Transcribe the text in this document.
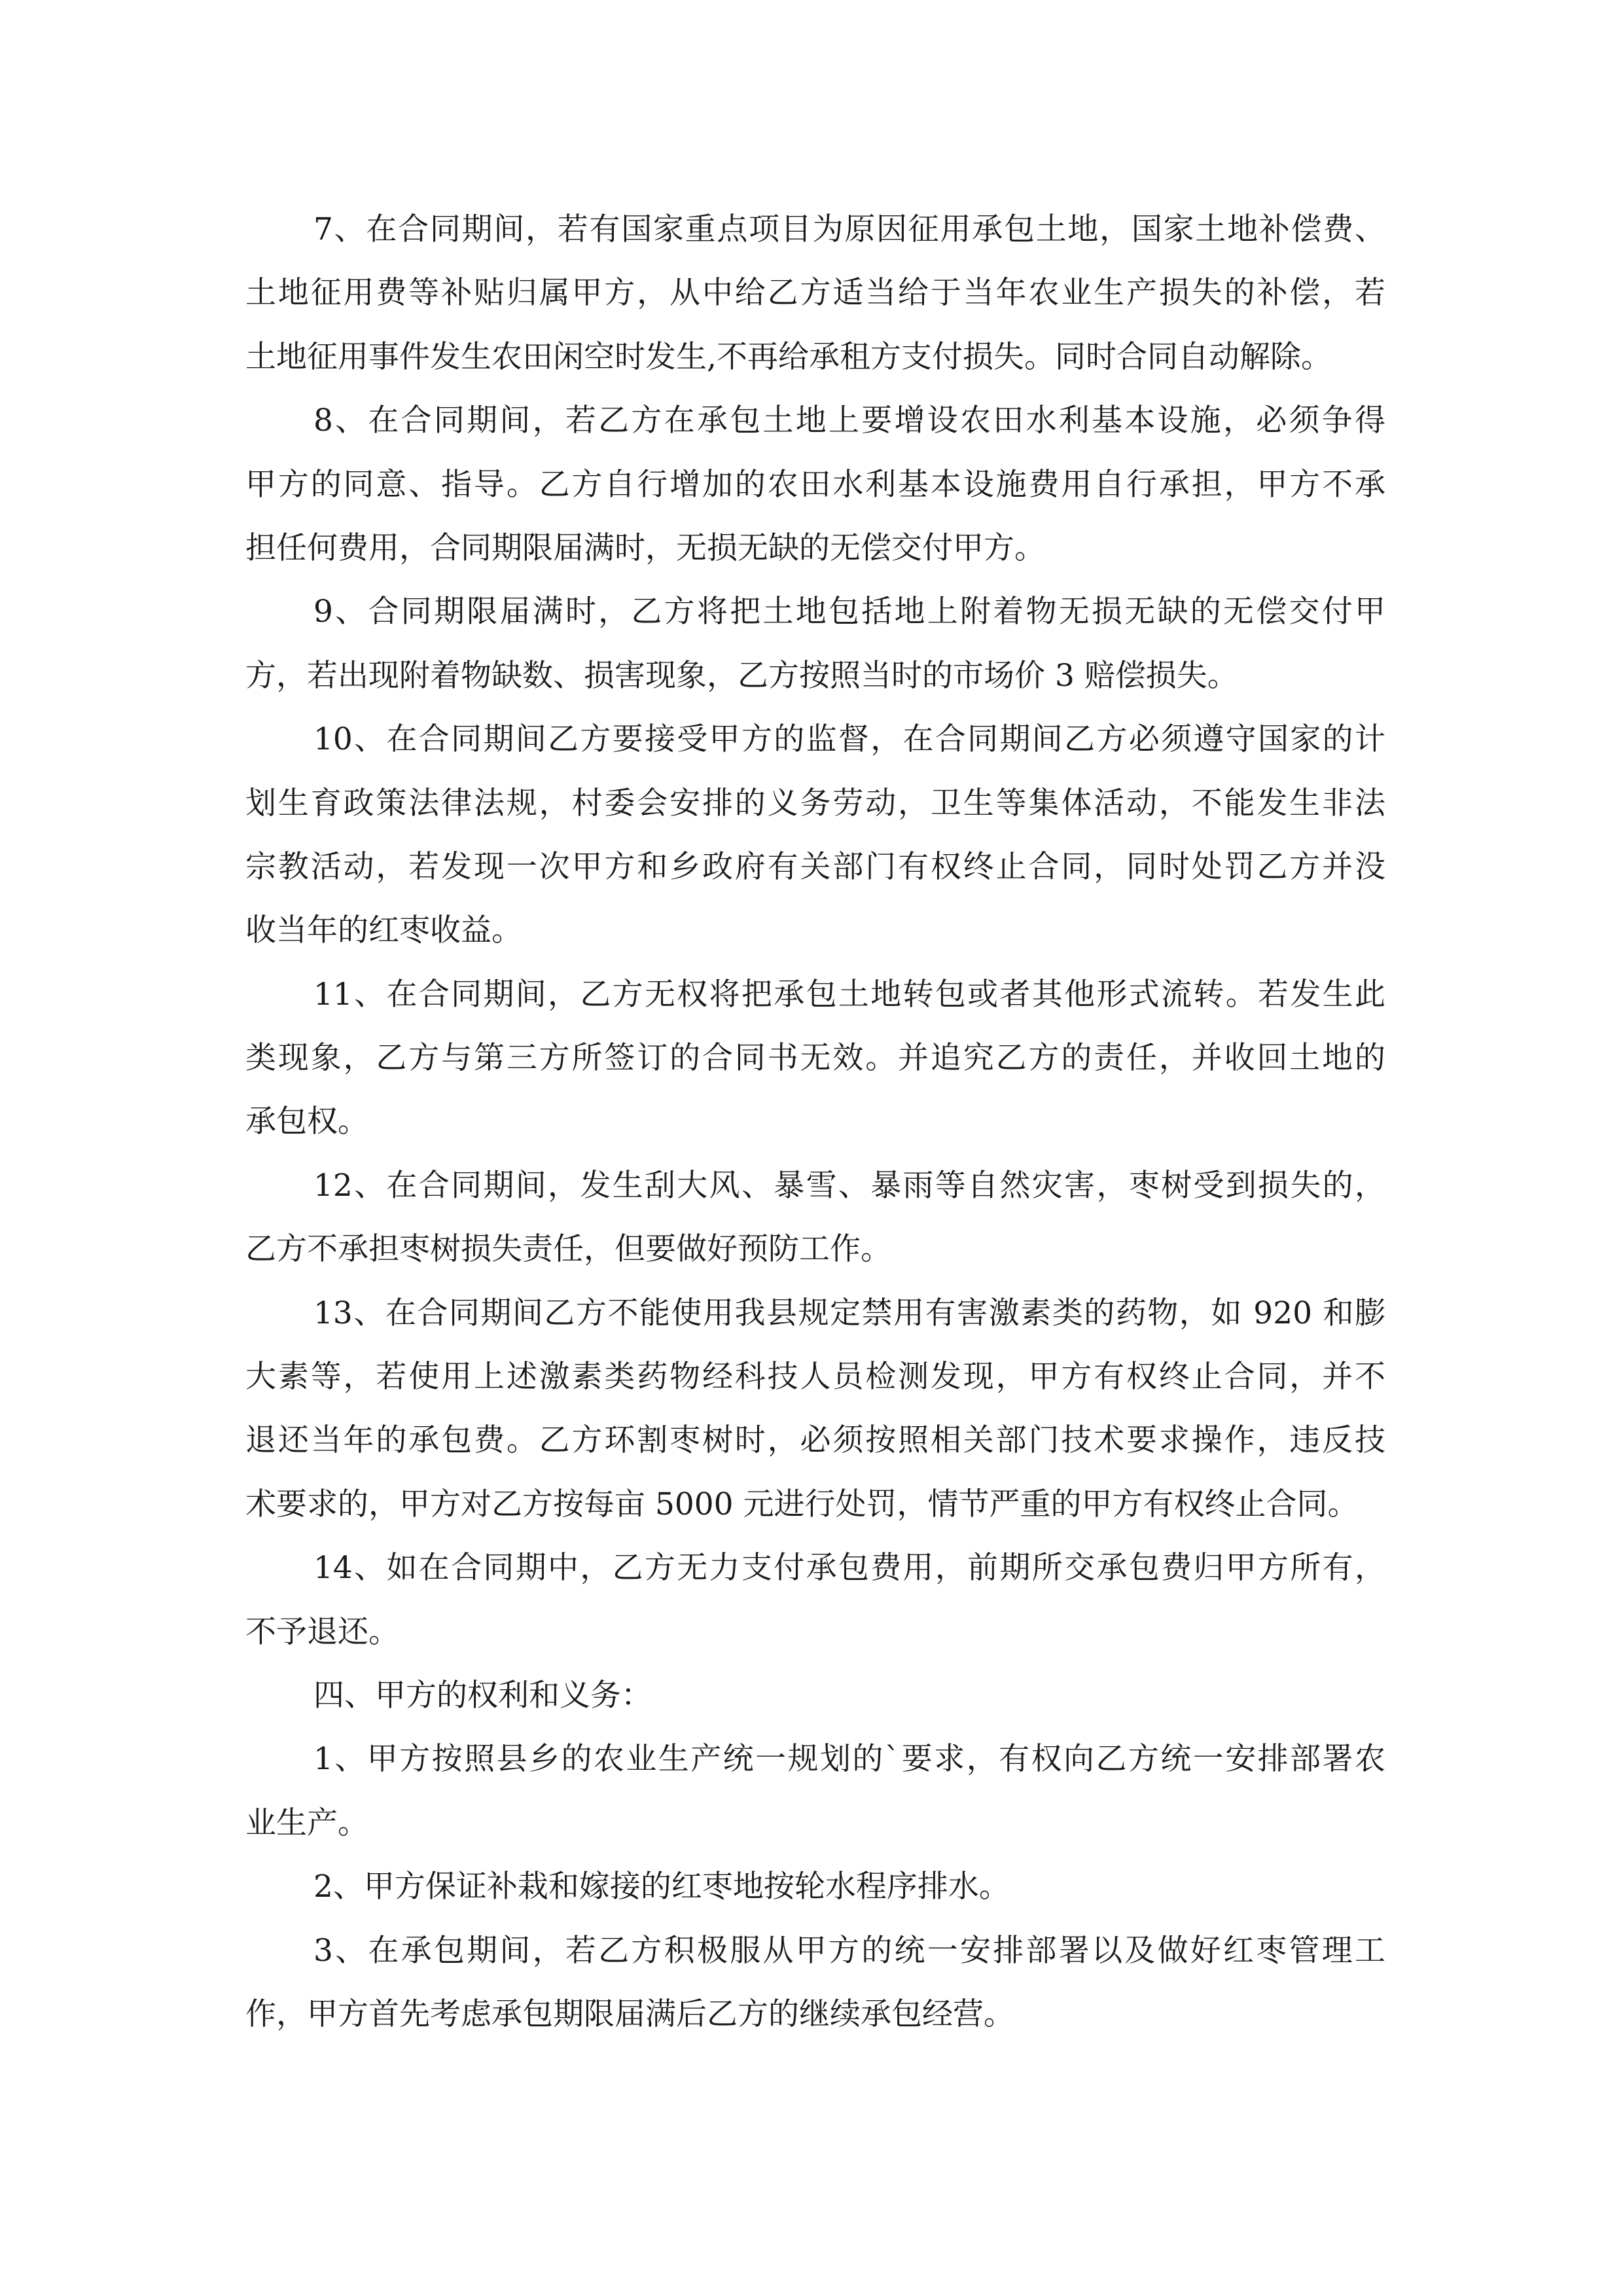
7、在合同期间，若有国家重点项目为原因征用承包土地，国家土地补偿费、
土地征用费等补贴归属甲方，从中给乙方适当给于当年农业生产损失的补偿，若
土地征用事件发生农田闲空时发生,不再给承租方支付损失。同时合同自动解除。
8、在合同期间，若乙方在承包土地上要增设农田水利基本设施，必须争得
甲方的同意、指导。乙方自行增加的农田水利基本设施费用自行承担，甲方不承
担任何费用，合同期限届满时，无损无缺的无偿交付甲方。
9、合同期限届满时，乙方将把土地包括地上附着物无损无缺的无偿交付甲
方，若出现附着物缺数、损害现象，乙方按照当时的市场价 3 赔偿损失。
10、在合同期间乙方要接受甲方的监督，在合同期间乙方必须遵守国家的计
划生育政策法律法规，村委会安排的义务劳动，卫生等集体活动，不能发生非法
宗教活动，若发现一次甲方和乡政府有关部门有权终止合同，同时处罚乙方并没
收当年的红枣收益。
11、在合同期间，乙方无权将把承包土地转包或者其他形式流转。若发生此
类现象，乙方与第三方所签订的合同书无效。并追究乙方的责任，并收回土地的
承包权。
12、在合同期间，发生刮大风、暴雪、暴雨等自然灾害，枣树受到损失的，
乙方不承担枣树损失责任，但要做好预防工作。
13、在合同期间乙方不能使用我县规定禁用有害激素类的药物，如 920 和膨
大素等，若使用上述激素类药物经科技人员检测发现，甲方有权终止合同，并不
退还当年的承包费。乙方环割枣树时，必须按照相关部门技术要求操作，违反技
术要求的，甲方对乙方按每亩 5000 元进行处罚，情节严重的甲方有权终止合同。
14、如在合同期中，乙方无力支付承包费用，前期所交承包费归甲方所有，
不予退还。
四、甲方的权利和义务：
1、甲方按照县乡的农业生产统一规划的`要求，有权向乙方统一安排部署农
业生产。
2、甲方保证补栽和嫁接的红枣地按轮水程序排水。
3、在承包期间，若乙方积极服从甲方的统一安排部署以及做好红枣管理工
作，甲方首先考虑承包期限届满后乙方的继续承包经营。
